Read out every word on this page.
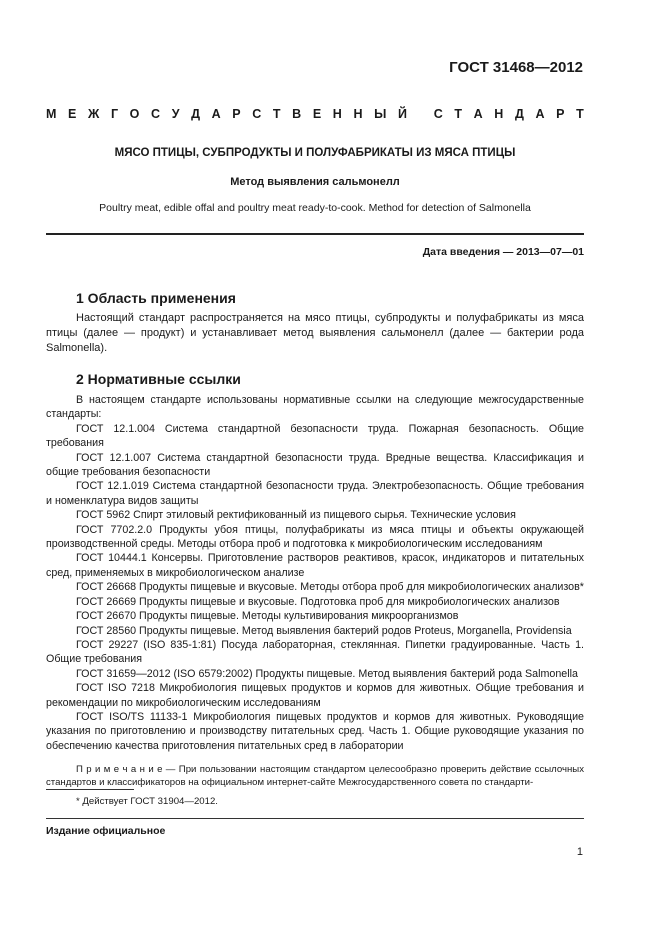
ГОСТ 31468—2012
М Е Ж Г О С У Д А Р С Т В Е Н Н Ы Й
С Т А Н Д А Р Т
МЯСО ПТИЦЫ, СУБПРОДУКТЫ И ПОЛУФАБРИКАТЫ ИЗ МЯСА ПТИЦЫ
Метод выявления сальмонелл
Poultry meat, edible offal and poultry meat ready-to-cook. Method for detection of Salmonella
Дата введения — 2013—07—01
1 Область применения

Настоящий стандарт распространяется на мясо птицы, субпродукты и полуфабрикаты из мяса птицы (далее — продукт) и устанавливает метод выявления сальмонелл (далее — бактерии рода Salmonella).

2 Нормативные ссылки

В настоящем стандарте использованы нормативные ссылки на следующие межгосударственные стандарты:

ГОСТ 12.1.004 Система стандартной безопасности труда. Пожарная безопасность. Общие требования

ГОСТ 12.1.007 Система стандартной безопасности труда. Вредные вещества. Классификация и общие требования безопасности

ГОСТ 12.1.019 Система стандартной безопасности труда. Электробезопасность. Общие требования и номенклатура видов защиты

ГОСТ 5962 Спирт этиловый ректификованный из пищевого сырья. Технические условия

ГОСТ 7702.2.0 Продукты убоя птицы, полуфабрикаты из мяса птицы и объекты окружающей производственной среды. Методы отбора проб и подготовка к микробиологическим исследованиям

ГОСТ 10444.1 Консервы. Приготовление растворов реактивов, красок, индикаторов и питательных сред, применяемых в микробиологическом анализе

ГОСТ 26668 Продукты пищевые и вкусовые. Методы отбора проб для микробиологических анализов*

ГОСТ 26669 Продукты пищевые и вкусовые. Подготовка проб для микробиологических анализов

ГОСТ 26670 Продукты пищевые. Методы культивирования микроорганизмов

ГОСТ 28560 Продукты пищевые. Метод выявления бактерий родов Proteus, Morganella, Providensia

ГОСТ 29227 (ISO 835-1:81) Посуда лабораторная, стеклянная. Пипетки градуированные. Часть 1. Общие требования

ГОСТ 31659—2012 (ISO 6579:2002) Продукты пищевые. Метод выявления бактерий рода Salmonella

ГОСТ ISO 7218 Микробиология пищевых продуктов и кормов для животных. Общие требования и рекомендации по микробиологическим исследованиям

ГОСТ ISO/TS 11133-1 Микробиология пищевых продуктов и кормов для животных. Руководящие указания по приготовлению и производству питательных сред. Часть 1. Общие руководящие указания по обеспечению качества приготовления питательных сред в лаборатории

П р и м е ч а н и е — При пользовании настоящим стандартом целесообразно проверить действие ссылочных стандартов и классификаторов на официальном интернет-сайте Межгосударственного совета по стандарти-
* Действует ГОСТ 31904—2012.
Издание официальное
1
